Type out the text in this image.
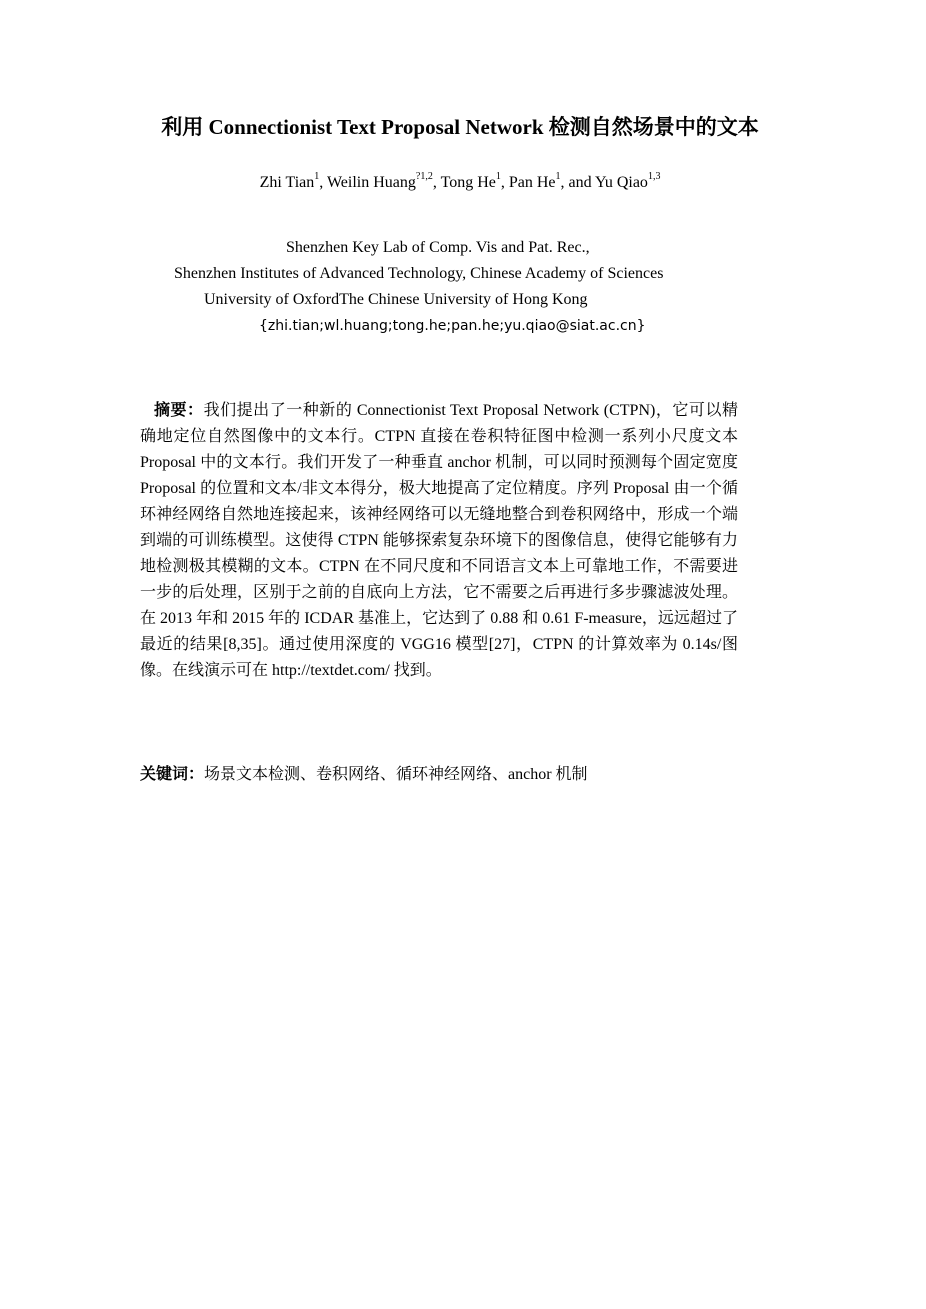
利用 Connectionist Text Proposal Network 检测自然场景中的文本
Zhi Tian$^1$, Weilin Huang$^{?1,2}$, Tong He$^1$, Pan He$^1$, and Yu Qiao$^{1,3}$
Shenzhen Key Lab of Comp. Vis and Pat. Rec.,
Shenzhen Institutes of Advanced Technology, Chinese Academy of Sciences
University of OxfordThe Chinese University of Hong Kong
{zhi.tian;wl.huang;tong.he;pan.he;yu.qiao@siat.ac.cn}
摘要：我们提出了一种新的 Connectionist Text Proposal Network (CTPN)，它可以精确地定位自然图像中的文本行。CTPN 直接在卷积特征图中检测一系列小尺度文本 Proposal 中的文本行。我们开发了一种垂直 anchor 机制，可以同时预测每个固定宽度 Proposal 的位置和文本/非文本得分，极大地提高了定位精度。序列 Proposal 由一个循环神经网络自然地连接起来，该神经网络可以无缝地整合到卷积网络中，形成一个端到端的可训练模型。这使得 CTPN 能够探索复杂环境下的图像信息，使得它能够有力地检测极其模糊的文本。CTPN 在不同尺度和不同语言文本上可靠地工作，不需要进一步的后处理，区别于之前的自底向上方法，它不需要之后再进行多步骤滤波处理。在 2013 年和 2015 年的 ICDAR 基准上，它达到了 0.88 和 0.61 F-measure，远远超过了最近的结果[8,35]。通过使用深度的 VGG16 模型[27]，CTPN 的计算效率为 0.14s/图像。在线演示可在 http://textdet.com/ 找到。
关键词：场景文本检测、卷积网络、循环神经网络、anchor 机制
